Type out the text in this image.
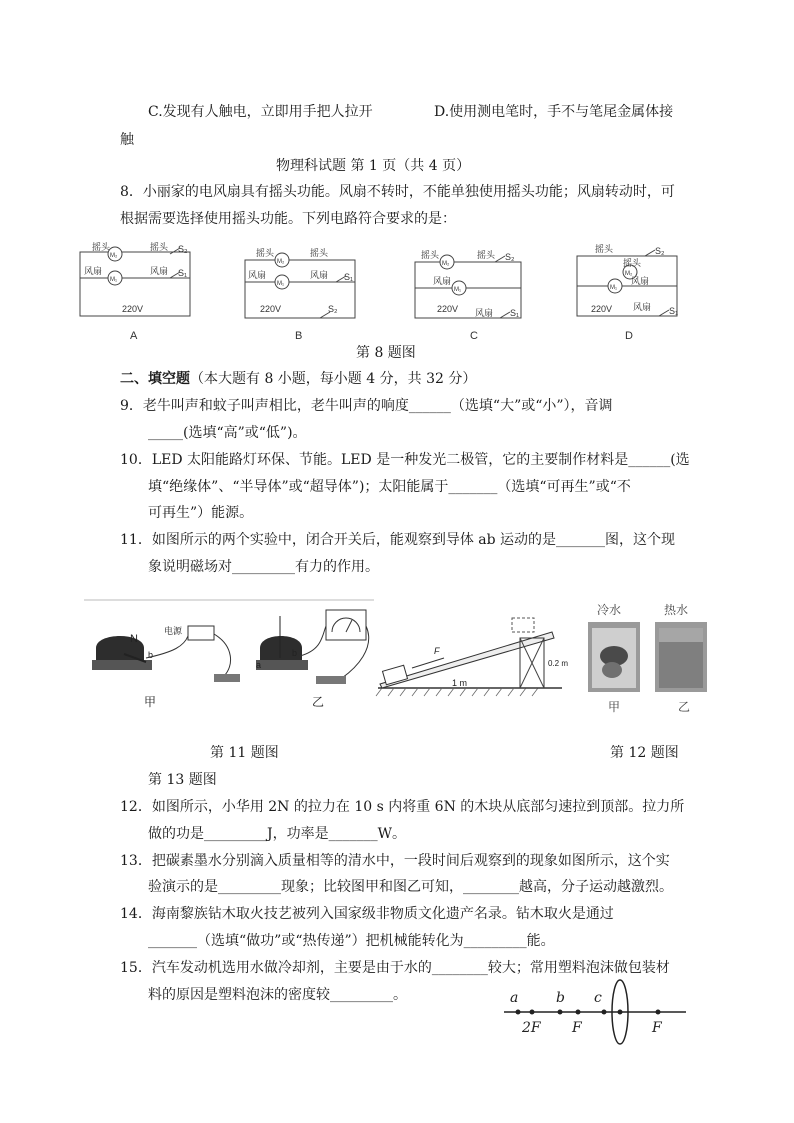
C.发现有人触电，立即用手把人拉开	D.使用测电笔时，手不与笔尾金属体接
触
物理科试题 第 1 页（共 4 页）
8．小丽家的电风扇具有摇头功能。风扇不转时，不能单独使用摇头功能；风扇转动时，可
根据需要选择使用摇头功能。下列电路符合要求的是：
摇头	摇头
M₂
M₁
风扇	风扇
S₂
S₁
220V
A
摇头	摇头
M₂
M₁
风扇	风扇 S₁
S₂
220V
B
摇头	摇头
M₂
M₁
风扇
风扇
S₂
S₁
220V
C
摇头
摇头
M₂
M₁
风扇
风扇
S₂
S₁
220V
D
第 8 题图
二、填空题（本大题有 8 小题，每小题 4 分，共 32 分）
9．老牛叫声和蚊子叫声相比，老牛叫声的响度______（选填“大”或“小”），音调
_____(选填“高”或“低”)。
10．LED 太阳能路灯环保、节能。LED 是一种发光二极管，它的主要制作材料是______(选
填“绝缘体”、“半导体”或“超导体”)；太阳能属于_______（选填“可再生”或“不
可再生”）能源。
11．如图所示的两个实验中，闭合开关后，能观察到导体 ab 运动的是_______图，这个现
象说明磁场对_________有力的作用。
N
b
电源
甲
a
b
乙
F
1 m
0.2 m
冷水	热水
甲	乙
第 11 题图	第 12 题图
第 13 题图
12．如图所示，小华用 2N 的拉力在 10 s 内将重 6N 的木块从底部匀速拉到顶部。拉力所
做的功是_________J，功率是_______W。
13．把碳素墨水分别滴入质量相等的清水中，一段时间后观察到的现象如图所示，这个实
验演示的是_________现象；比较图甲和图乙可知，________越高，分子运动越激烈。
14．海南黎族钻木取火技艺被列入国家级非物质文化遗产名录。钻木取火是通过
_______（选填“做功”或“热传递”）把机械能转化为_________能。
15．汽车发动机选用水做冷却剂，主要是由于水的________较大；常用塑料泡沫做包装材
料的原因是塑料泡沫的密度较_________。	a	b c
2F F	F
